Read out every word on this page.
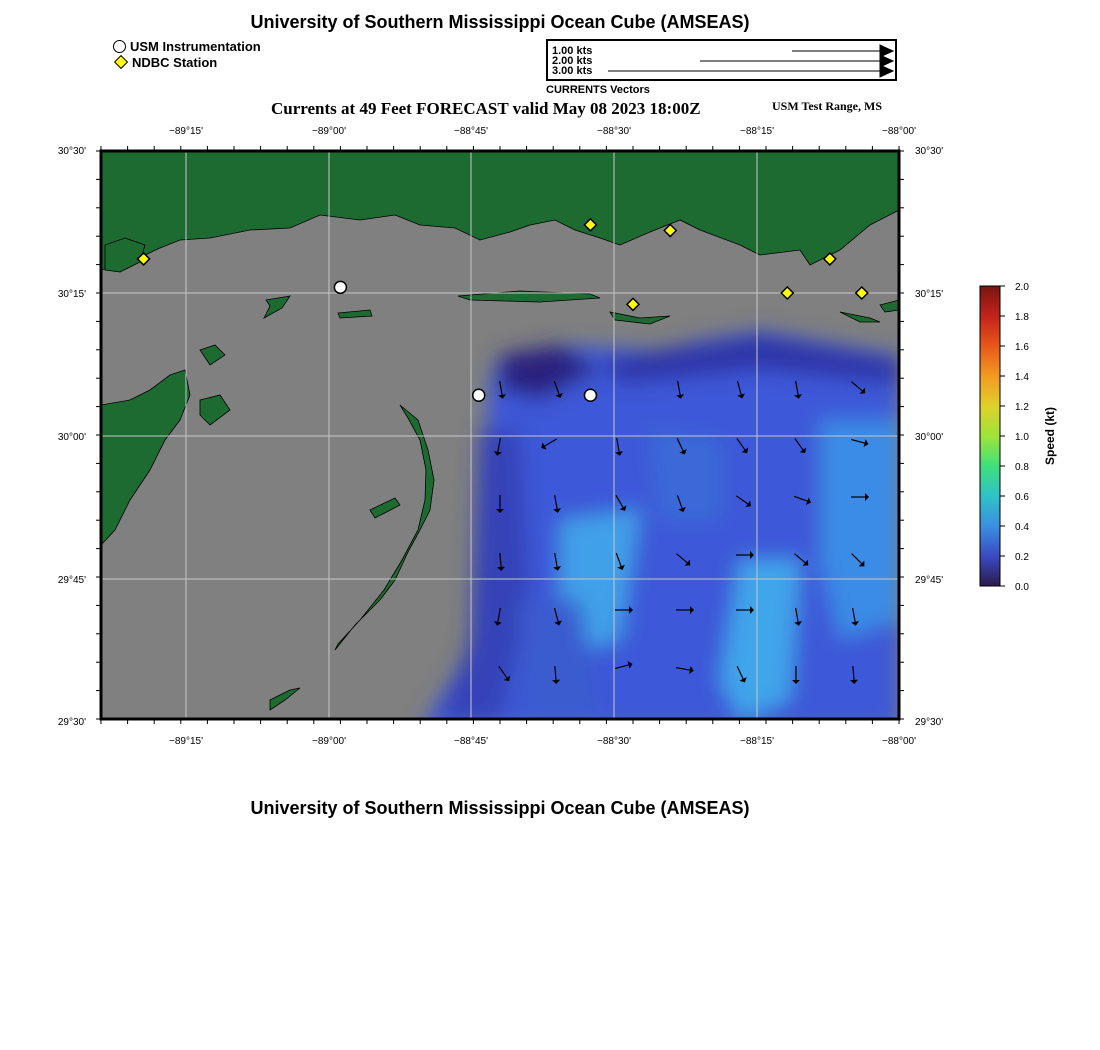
University of Southern Mississippi Ocean Cube (AMSEAS)
USM Instrumentation
NDBC Station
1.00 kts
2.00 kts
3.00 kts
CURRENTS Vectors
Currents at 49 Feet FORECAST valid May 08 2023 18:00Z	USM Test Range, MS
−89°15'	−89°00'	−88°45'	−88°30'	−88°15'	−88°00'
−89°15'	−89°00'	−88°45'	−88°30'	−88°15'	−88°00'
30°30'
30°15'
30°00'
29°45'
29°30'
30°30'
30°15'
30°00'
29°45'
29°30'
0.0
0.2
0.4
0.6
0.8
1.0
1.2
1.4
1.6
1.8
2.0
Speed (kt)
University of Southern Mississippi Ocean Cube (AMSEAS)
